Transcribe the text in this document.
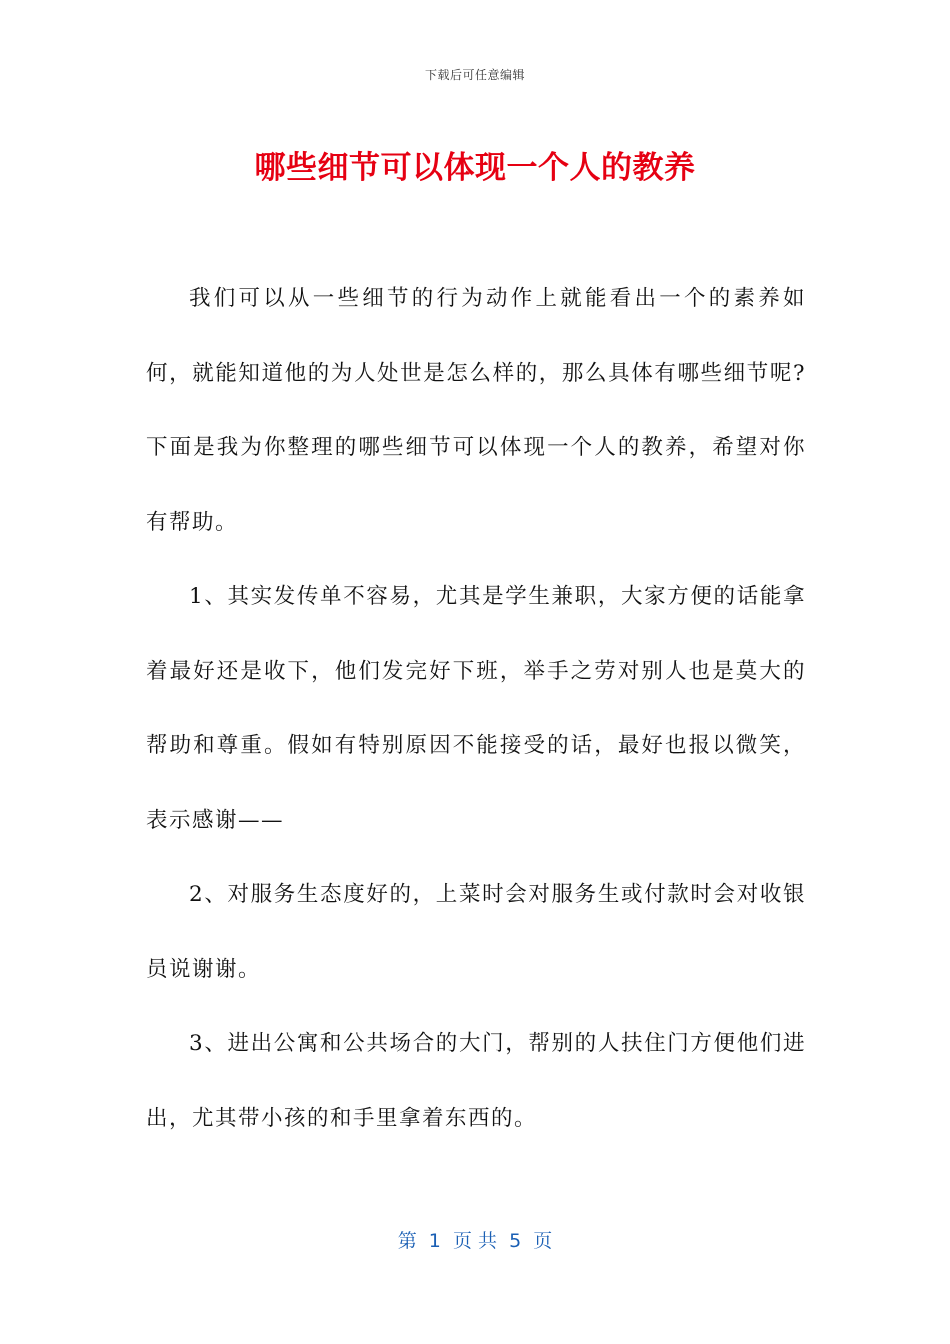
下载后可任意编辑
哪些细节可以体现一个人的教养

我们可以从一些细节的行为动作上就能看出一个的素养如何，就能知道他的为人处世是怎么样的，那么具体有哪些细节呢?下面是我为你整理的哪些细节可以体现一个人的教养，希望对你有帮助。

1、其实发传单不容易，尤其是学生兼职，大家方便的话能拿着最好还是收下，他们发完好下班，举手之劳对别人也是莫大的帮助和尊重。假如有特别原因不能接受的话，最好也报以微笑，表示感谢——

2、对服务生态度好的，上菜时会对服务生或付款时会对收银员说谢谢。

3、进出公寓和公共场合的大门，帮别的人扶住门方便他们进出，尤其带小孩的和手里拿着东西的。

第  1  页 共  5  页
